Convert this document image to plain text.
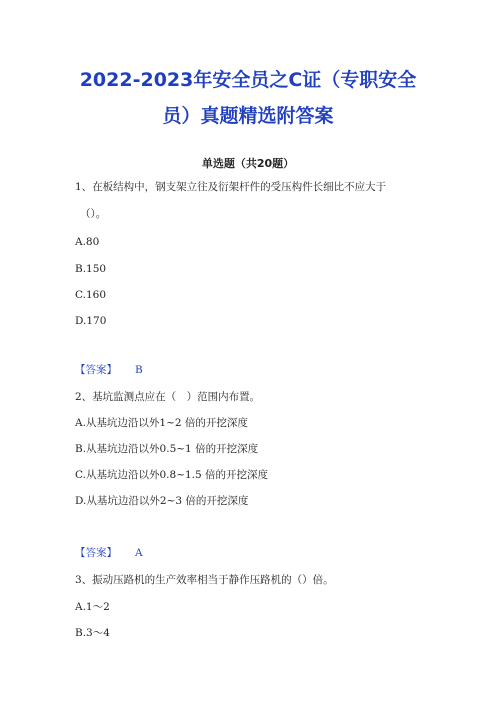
2022-2023年安全员之C证（专职安全
员）真题精选附答案
单选题（共20题）
1、在板结构中，钢支架立往及衍架杆件的受压构件长细比不应大于
（）。
A.80
B.150
C.160
D.170
【答案】 B
2、基坑监测点应在（　）范围内布置。
A.从基坑边沿以外1~2 倍的开挖深度
B.从基坑边沿以外0.5~1 倍的开挖深度
C.从基坑边沿以外0.8~1.5 倍的开挖深度
D.从基坑边沿以外2~3 倍的开挖深度
【答案】 A
3、振动压路机的生产效率相当于静作压路机的（）倍。
A.1～2
B.3～4
